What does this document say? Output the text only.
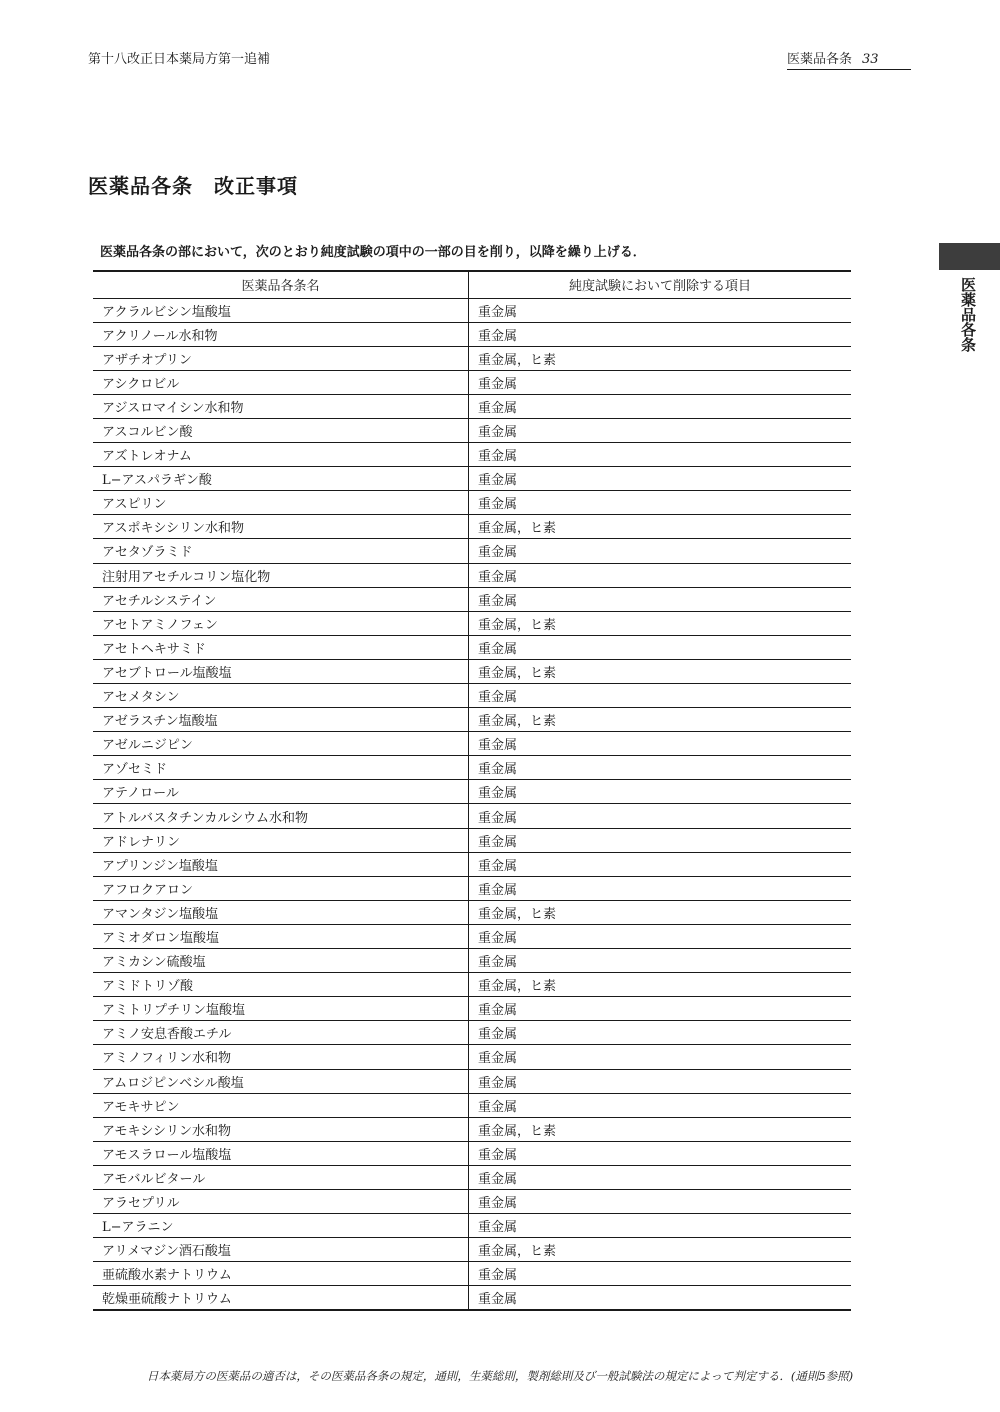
第十八改正日本薬局方第一追補	医薬品各条 33
医薬品各条　改正事項
医薬品各条
医薬品各条の部において，次のとおり純度試験の項中の一部の目を削り，以降を繰り上げる．
医薬品各条名	純度試験において削除する項目
アクラルビシン塩酸塩	重金属
アクリノール水和物	重金属
アザチオプリン	重金属，ヒ素
アシクロビル	重金属
アジスロマイシン水和物	重金属
アスコルビン酸	重金属
アズトレオナム	重金属
L−アスパラギン酸	重金属
アスピリン	重金属
アスポキシシリン水和物	重金属，ヒ素
アセタゾラミド	重金属
注射用アセチルコリン塩化物	重金属
アセチルシステイン	重金属
アセトアミノフェン	重金属，ヒ素
アセトヘキサミド	重金属
アセブトロール塩酸塩	重金属，ヒ素
アセメタシン	重金属
アゼラスチン塩酸塩	重金属，ヒ素
アゼルニジピン	重金属
アゾセミド	重金属
アテノロール	重金属
アトルバスタチンカルシウム水和物	重金属
アドレナリン	重金属
アプリンジン塩酸塩	重金属
アフロクアロン	重金属
アマンタジン塩酸塩	重金属，ヒ素
アミオダロン塩酸塩	重金属
アミカシン硫酸塩	重金属
アミドトリゾ酸	重金属，ヒ素
アミトリプチリン塩酸塩	重金属
アミノ安息香酸エチル	重金属
アミノフィリン水和物	重金属
アムロジピンベシル酸塩	重金属
アモキサピン	重金属
アモキシシリン水和物	重金属，ヒ素
アモスラロール塩酸塩	重金属
アモバルビタール	重金属
アラセプリル	重金属
L−アラニン	重金属
アリメマジン酒石酸塩	重金属，ヒ素
亜硫酸水素ナトリウム	重金属
乾燥亜硫酸ナトリウム	重金属
日本薬局方の医薬品の適否は，その医薬品各条の規定，通則，生薬総則，製剤総則及び一般試験法の規定によって判定する．(通則5参照)
